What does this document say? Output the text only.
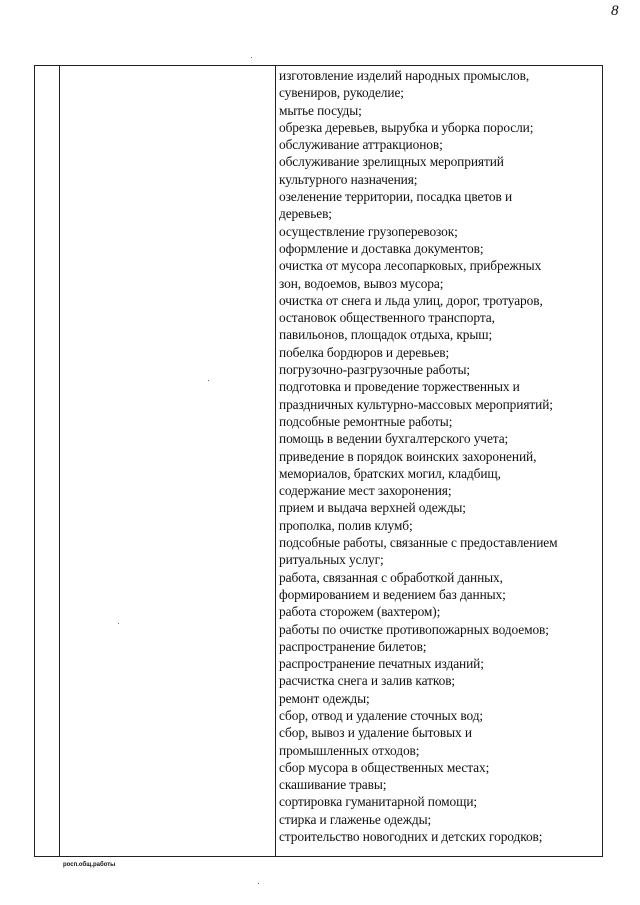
8
изготовление изделий народных промыслов,
сувениров, рукоделие;
мытье посуды;
обрезка деревьев, вырубка и уборка поросли;
обслуживание аттракционов;
обслуживание зрелищных мероприятий
культурного назначения;
озеленение территории, посадка цветов и
деревьев;
осуществление грузоперевозок;
оформление и доставка документов;
очистка от мусора лесопарковых, прибрежных
зон, водоемов, вывоз мусора;
очистка от снега и льда улиц, дорог, тротуаров,
остановок общественного транспорта,
павильонов, площадок отдыха, крыш;
побелка бордюров и деревьев;
погрузочно-разгрузочные работы;
подготовка и проведение торжественных и
праздничных культурно-массовых мероприятий;
подсобные ремонтные работы;
помощь в ведении бухгалтерского учета;
приведение в порядок воинских захоронений,
мемориалов, братских могил, кладбищ,
содержание мест захоронения;
прием и выдача верхней одежды;
прополка, полив клумб;
подсобные работы, связанные с предоставлением
ритуальных услуг;
работа, связанная с обработкой данных,
формированием и ведением баз данных;
работа сторожем (вахтером);
работы по очистке противопожарных водоемов;
распространение билетов;
распространение печатных изданий;
расчистка снега и залив катков;
ремонт одежды;
сбор, отвод и удаление сточных вод;
сбор, вывоз и удаление бытовых и
промышленных отходов;
сбор мусора в общественных местах;
скашивание травы;
сортировка гуманитарной помощи;
стирка и глаженье одежды;
строительство новогодних и детских городков;
росп.общ.работы
